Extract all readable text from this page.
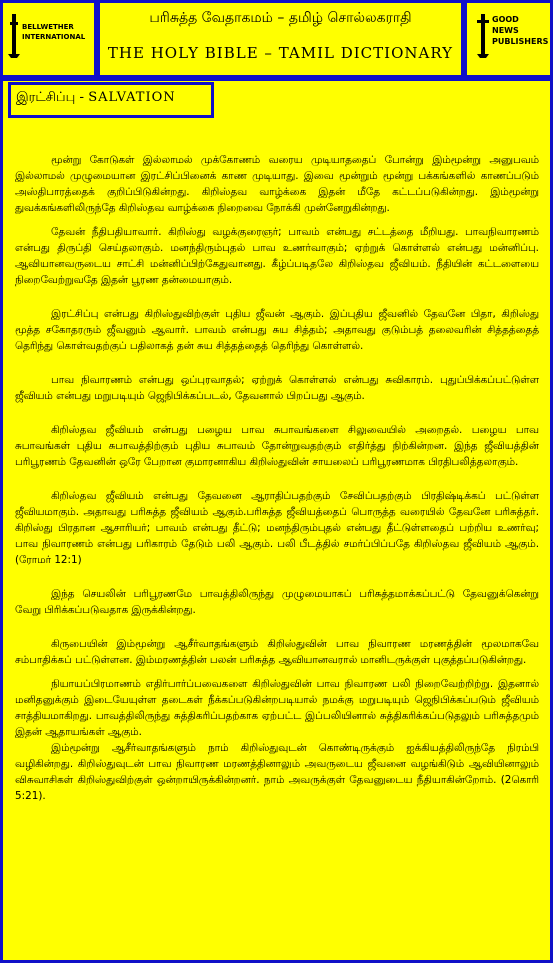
BELLWETHER
INTERNATIONAL
பரிசுத்த வேதாகமம் – தமிழ் சொல்லகராதி
THE HOLY BIBLE – TAMIL DICTIONARY
GOOD NEWS
PUBLISHERS
இரட்சிப்பு - SALVATION

மூன்று கோடுகள் இல்லாமல் முக்கோணம் வரைய முடியாததைப் போன்று இம்மூன்று அனுபவம் இல்லாமல் முழுமையான இரட்சிப்பினைக் காண முடியாது. இவை மூன்றும் மூன்று பக்கங்களில் காணப்படும் அஸ்திபாரத்தைக் குறிப்பிடுகின்றது. கிறிஸ்தவ வாழ்க்கை இதன் மீதே கட்டப்படுகின்றது. இம்மூன்று துவக்கங்களிலிருந்தே கிறிஸ்தவ வாழ்க்கை நிறைவை நோக்கி முன்னேறுகின்றது.

தேவன் நீதிபதியாவார். கிறிஸ்து வழக்குரைஞர்; பாவம் என்பது சட்டத்தை மீறியது. பாவநிவாரணம் என்பது திருப்தி செய்தலாகும். மனந்திரும்புதல் பாவ உணர்வாகும்; ஏற்றுக் கொள்ளல் என்பது மன்னிப்பு. ஆவியானவருடைய சாட்சி மன்னிப்பிற்கேதுவானது. கீழ்ப்படிதலே கிறிஸ்தவ ஜீவியம். நீதியின் கட்டளையை நிறைவேற்றுவதே இதன் பூரண தன்மையாகும்.

இரட்சிப்பு என்பது கிறிஸ்துவிற்குள் புதிய ஜீவன் ஆகும். இப்புதிய ஜீவனில் தேவனே பிதா, கிறிஸ்து மூத்த சகோதரரும் ஜீவனும் ஆவார். பாவம் என்பது சுய சித்தம்; அதாவது குடும்பத் தலைவரின் சித்தத்தைத் தெரிந்து கொள்வதற்குப் பதிலாகத் தன் சுய சித்தத்தைத் தெரிந்து கொள்ளல்.

பாவ நிவாரணம் என்பது ஒப்புரவாதல்; ஏற்றுக் கொள்ளல் என்பது சுவிகாரம். புதுப்பிக்கப்பட்டுள்ள ஜீவியம் என்பது மறுபடியும் ஜெநிபிக்கப்படல், தேவனால் பிறப்பது ஆகும்.

கிறிஸ்தவ ஜீவியம் என்பது பழைய பாவ சுபாவங்களை சிலுவையில் அறைதல். பழைய பாவ சுபாவங்கள் புதிய சுபாவத்திற்கும் புதிய சுபாவம் தோன்றுவதற்கும் எதிர்த்து நிற்கின்றன. இந்த ஜீவியத்தின் பரிபூரணம் தேவனின் ஒரே பேறான குமாரனாகிய கிறிஸ்துவின் சாயலைப் பரிபூரணமாக பிரதிபலித்தலாகும்.

கிறிஸ்தவ ஜீவியம் என்பது தேவனை ஆராதிப்பதற்கும் சேவிப்பதற்கும் பிரதிஷ்டிக்கப் பட்டுள்ள ஜீவியமாகும். அதாவது பரிசுத்த ஜீவியம் ஆகும்.பரிசுத்த ஜீவியத்தைப் பொருத்த வரையில் தேவனே பரிசுத்தர். கிறிஸ்து பிரதான ஆசாரியர்; பாவம் என்பது தீட்டு; மனந்திரும்புதல் என்பது தீட்டுள்ளதைப் பற்றிய உணர்வு; பாவ நிவாரணம் என்பது பரிகாரம் தேடும் பலி ஆகும். பலி பீடத்தில் சமர்ப்பிப்பதே கிறிஸ்தவ ஜீவியம் ஆகும். (ரோமர் 12:1)

இந்த செயலின் பரிபூரணமே பாவத்திலிருந்து முழுமையாகப் பரிசுத்தமாக்கப்பட்டு தேவனுக்கென்று வேறு பிரிக்கப்படுவதாக இருக்கின்றது.

கிருபையின் இம்மூன்று ஆசீர்வாதங்களும் கிறிஸ்துவின் பாவ நிவாரண மரணத்தின் மூலமாகவே சம்பாதிக்கப் பட்டுள்ளன. இம்மரணத்தின் பலன் பரிசுத்த ஆவியானவரால் மானிடருக்குள் புகுத்தப்படுகின்றது.

நியாயப்பிரமாணம் எதிர்பார்ப்பவைகளை கிறிஸ்துவின் பாவ நிவாரண பலி நிறைவேற்றிற்று. இதனால் மனிதனுக்கும் இடையேயுள்ள தடைகள் நீக்கப்படுகின்றபடியால் நமக்கு மறுபடியும் ஜெநிபிக்கப்படும் ஜீவியம் சாத்தியமாகிறது. பாவத்திலிருந்து சுத்திகரிப்பதற்காக ஏற்பட்ட இப்பலியினால் சுத்திகரிக்கப்படுதலும் பரிசுத்தமும் இதன் ஆதாயங்கள் ஆகும்.

இம்மூன்று ஆசீர்வாதங்களும் நாம் கிறிஸ்துவுடன் கொண்டிருக்கும் ஐக்கியத்திலிருந்தே நிரம்பி வழிகின்றது. கிறிஸ்துவுடன் பாவ நிவாரண மரணத்தினாலும் அவருடைய ஜீவனை வழங்கிடும் ஆவியினாலும் விசுவாசிகள் கிறிஸ்துவிற்குள் ஒன்றாயிருக்கின்றனர். நாம் அவருக்குள் தேவனுடைய நீதியாகின்றோம். (2கொரி 5:21).
